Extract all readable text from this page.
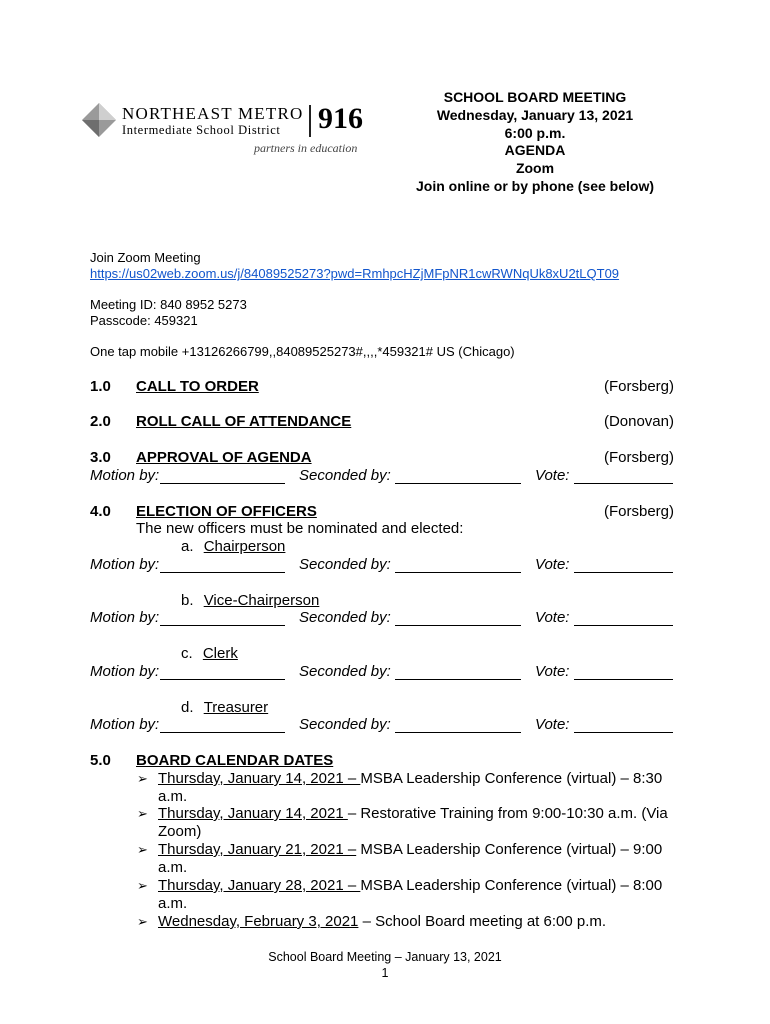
NORTHEAST METRO
Intermediate School District 916
partners in education
SCHOOL BOARD MEETING
Wednesday, January 13, 2021
6:00 p.m.
AGENDA
Zoom
Join online or by phone (see below)
Join Zoom Meeting
https://us02web.zoom.us/j/84089525273?pwd=RmhpcHZjMFpNR1cwRWNqUk8xU2tLQT09
Meeting ID: 840 8952 5273
Passcode: 459321
One tap mobile +13126266799,,84089525273#,,,,*459321# US (Chicago)
1.0 CALL TO ORDER	(Forsberg)
2.0 ROLL CALL OF ATTENDANCE	(Donovan)
3.0 APPROVAL OF AGENDA	(Forsberg)
Motion by:	Seconded by:	Vote:
4.0 ELECTION OF OFFICERS	(Forsberg)
The new officers must be nominated and elected:
a. Chairperson
Motion by:	Seconded by:	Vote:
b. Vice-Chairperson
Motion by:	Seconded by:	Vote:
c. Clerk
Motion by:	Seconded by:	Vote:
d. Treasurer
Motion by:	Seconded by:	Vote:
5.0 BOARD CALENDAR DATES
➢ Thursday, January 14, 2021 – MSBA Leadership Conference (virtual) – 8:30 a.m.
➢ Thursday, January 14, 2021 – Restorative Training from 9:00-10:30 a.m. (Via Zoom)
➢ Thursday, January 21, 2021 – MSBA Leadership Conference (virtual) – 9:00 a.m.
➢ Thursday, January 28, 2021 – MSBA Leadership Conference (virtual) – 8:00 a.m.
➢ Wednesday, February 3, 2021 – School Board meeting at 6:00 p.m.
School Board Meeting – January 13, 2021
1
